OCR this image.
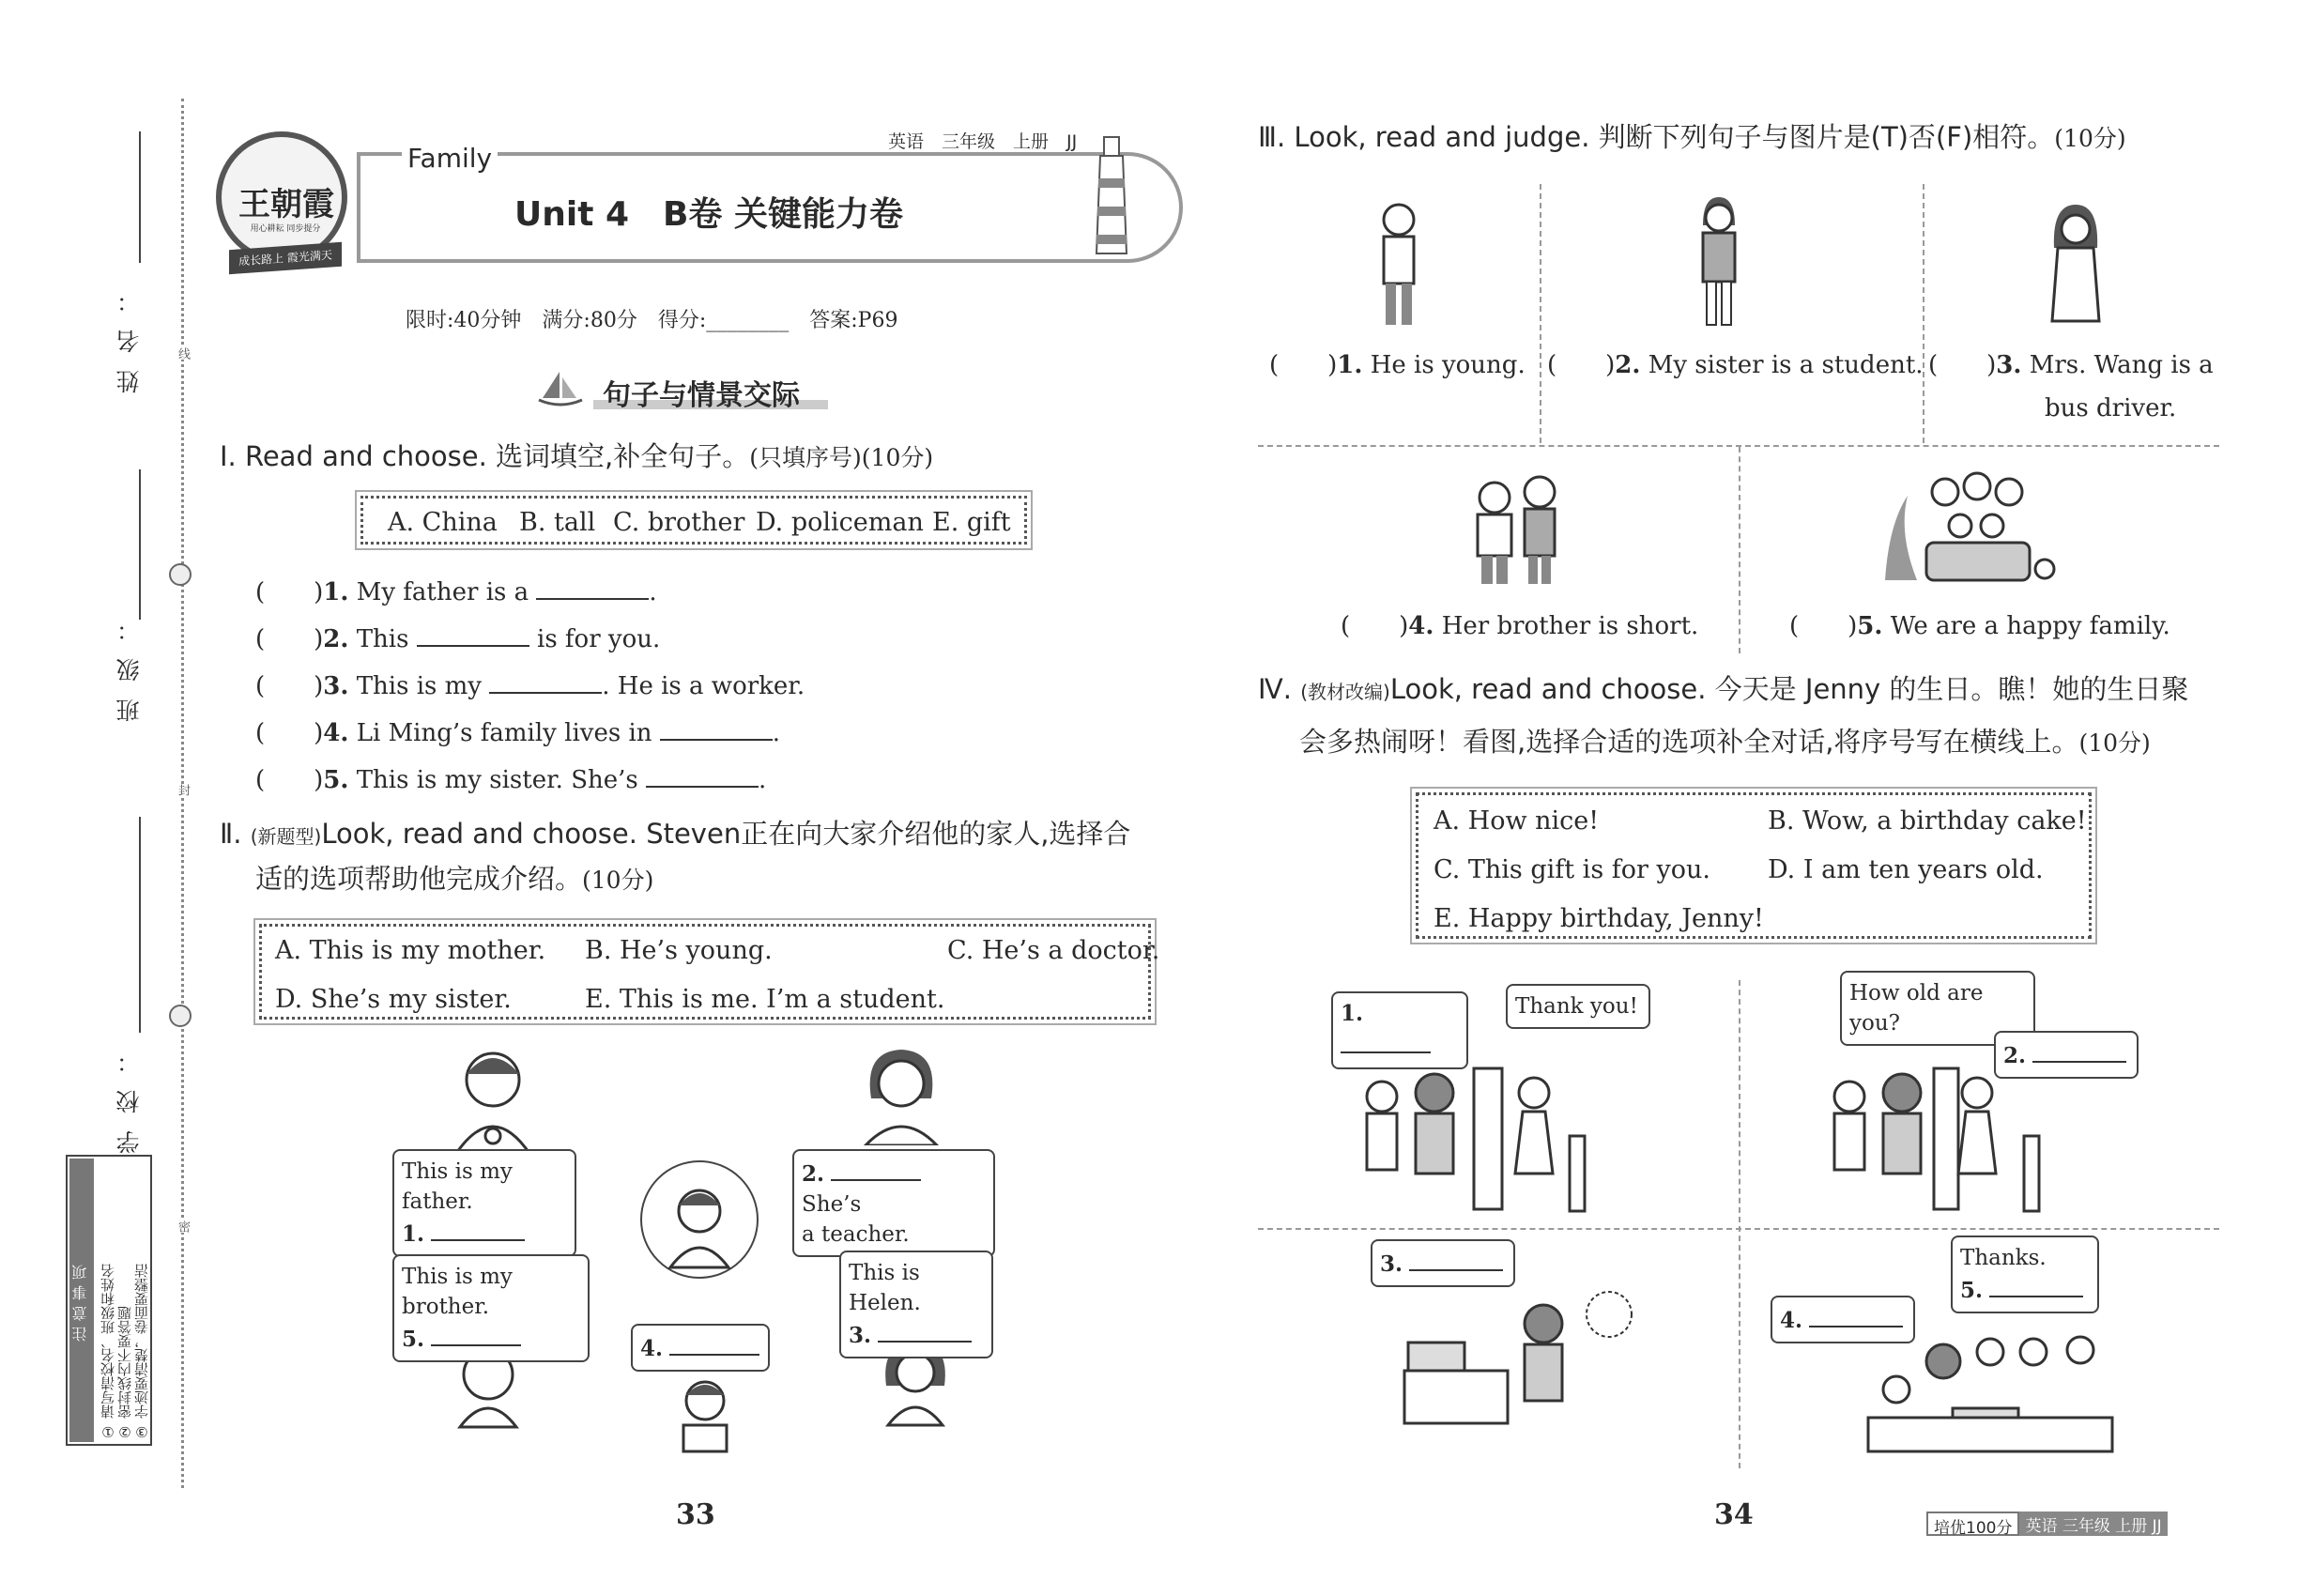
姓名：
班级：
学校：
线
封
密
注意事项 ① 请写清校名、班级和姓名 ② 密封线内不要答题 ③ 字迹要清楚，卷面要整洁
王朝霞
用心耕耘 同步提分
成长路上 霞光满天
Family
英语　三年级　上册　JJ
Unit 4　B卷 关键能力卷
限时:40分钟　满分:80分　得分:________　答案:P69
句子与情景交际
Ⅰ. Read and choose. 选词填空,补全句子。(只填序号)(10分)
A. China B. tall C. brother D. policeman E. gift
(　　)1. My father is a	.
(　　)2. This	is for you.
(　　)3. This is my	. He is a worker.
(　　)4. Li Ming’s family lives in	.
(　　)5. This is my sister. She’s	.
Ⅱ. (新题型)Look, read and choose. Steven正在向大家介绍他的家人,选择合
适的选项帮助他完成介绍。(10分)
A. This is my mother. B. He’s young.	C. He’s a doctor.
D. She’s my sister.	E. This is me. I’m a student.
This is my father.
1.
2.  She’s
a teacher.
This is my brother.
5.
This is Helen.
3.
4.
33
Ⅲ. Look, read and judge. 判断下列句子与图片是(T)否(F)相符。(10分)
(　　)1. He is young. (　　)2. My sister is a student. (　　)3. Mrs. Wang is a
bus driver.
(　　)4. Her brother is short.	(　　)5. We are a happy family.
Ⅳ. (教材改编)Look, read and choose. 今天是 Jenny 的生日。瞧！她的生日聚
会多热闹呀！看图,选择合适的选项补全对话,将序号写在横线上。(10分)
A. How nice!	B. Wow, a birthday cake!
C. This gift is for you. D. I am ten years old.
E. Happy birthday, Jenny!
1.	Thank you!
How old are you?
2.
3.	Thanks.
5.
4.
34	培优100分 英语 三年级 上册 JJ
